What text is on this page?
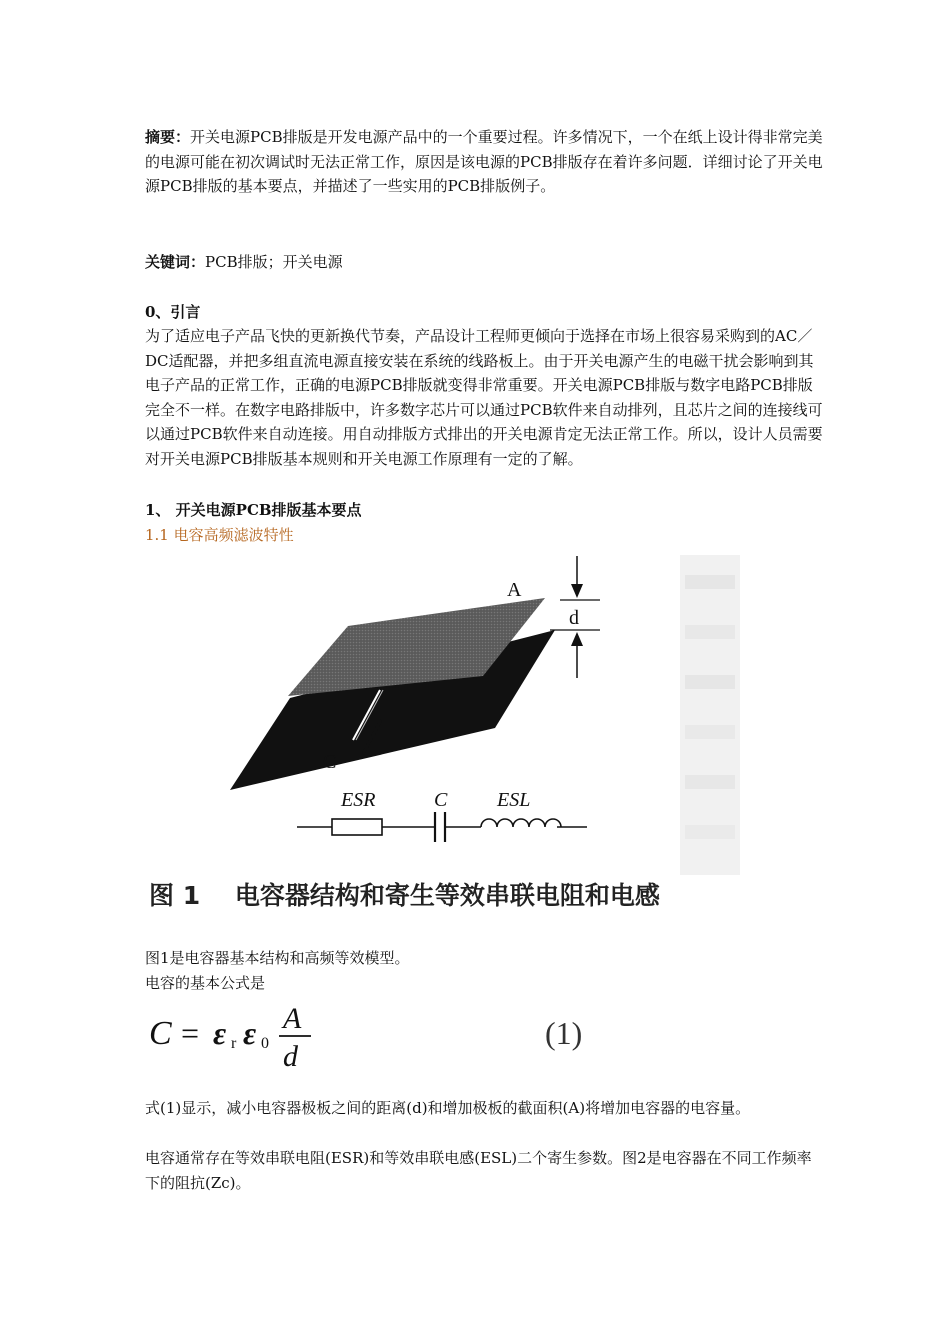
摘要：开关电源PCB排版是开发电源产品中的一个重要过程。许多情况下，一个在纸上设计得非常完美的电源可能在初次调试时无法正常工作，原因是该电源的PCB排版存在着许多问题．详细讨论了开关电源PCB排版的基本要点，并描述了一些实用的PCB排版例子。

关键词：PCB排版；开关电源

0、引言

为了适应电子产品飞快的更新换代节奏，产品设计工程师更倾向于选择在市场上很容易采购到的AC／DC适配器，并把多组直流电源直接安装在系统的线路板上。由于开关电源产生的电磁干扰会影响到其电子产品的正常工作，正确的电源PCB排版就变得非常重要。开关电源PCB排版与数字电路PCB排版完全不一样。在数字电路排版中，许多数字芯片可以通过PCB软件来自动排列，且芯片之间的连接线可以通过PCB软件来自动连接。用自动排版方式排出的开关电源肯定无法正常工作。所以，设计人员需要对开关电源PCB排版基本规则和开关电源工作原理有一定的了解。

1、 开关电源PCB排版基本要点

1.1 电容高频滤波特性

A
d
C
ESR	C ESL
图 1    电容器结构和寄生等效串联电阻和电感

图1是电容器基本结构和高频等效模型。

电容的基本公式是

C = ε r ε 0
A
d
(1)

式(1)显示，减小电容器极板之间的距离(d)和增加极板的截面积(A)将增加电容器的电容量。

电容通常存在等效串联电阻(ESR)和等效串联电感(ESL)二个寄生参数。图2是电容器在不同工作频率下的阻抗(Zc)。
